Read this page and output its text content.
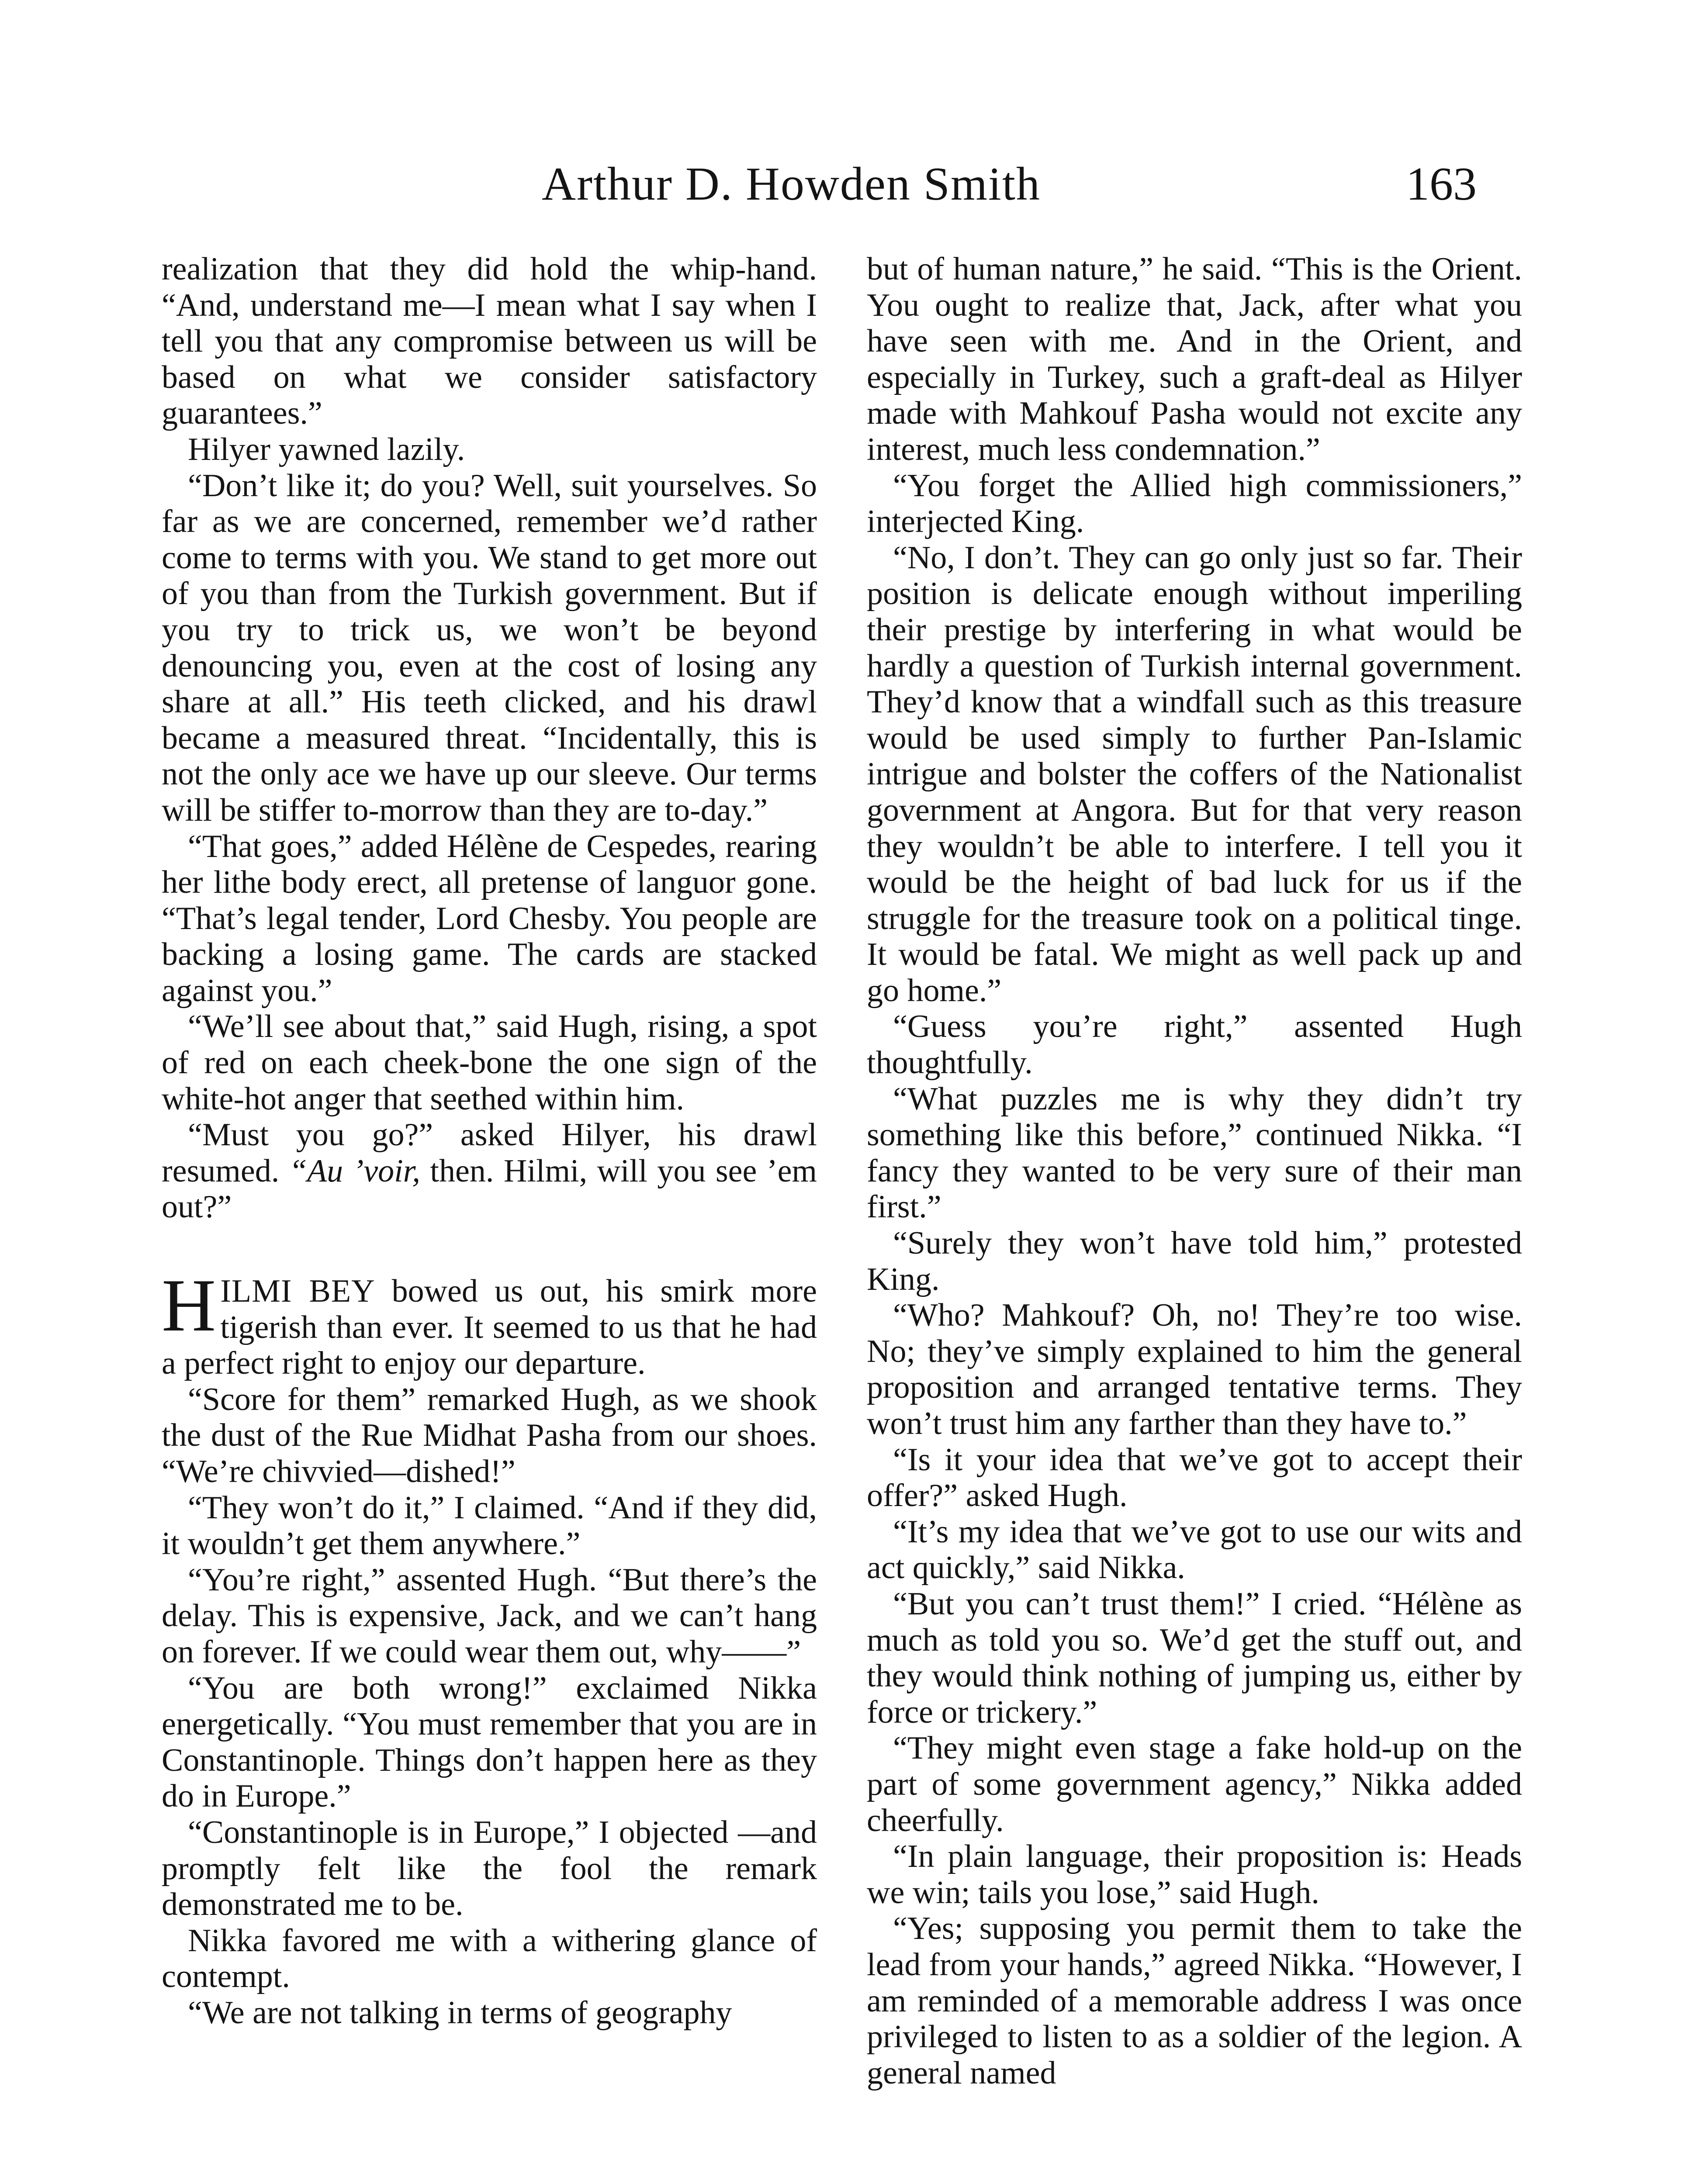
Arthur D. Howden Smith	163

realization that they did hold the whip-hand. “And, understand me—I mean what I say when I tell you that any compromise between us will be based on what we consider satisfactory guarantees.”

Hilyer yawned lazily.

“Don’t like it; do you? Well, suit yourselves. So far as we are concerned, remember we’d rather come to terms with you. We stand to get more out of you than from the Turkish government. But if you try to trick us, we won’t be beyond denouncing you, even at the cost of losing any share at all.” His teeth clicked, and his drawl became a measured threat. “Incidentally, this is not the only ace we have up our sleeve. Our terms will be stiffer to-morrow than they are to-day.”

“That goes,” added Hélène de Cespedes, rearing her lithe body erect, all pretense of languor gone. “That’s legal tender, Lord Chesby. You people are backing a losing game. The cards are stacked against you.”

“We’ll see about that,” said Hugh, rising, a spot of red on each cheek-bone the one sign of the white-hot anger that seethed within him.

“Must you go?” asked Hilyer, his drawl resumed. “Au ’voir, then. Hilmi, will you see ’em out?”

HILMI BEY bowed us out, his smirk more tigerish than ever. It seemed to us that he had a perfect right to enjoy our departure.

“Score for them” remarked Hugh, as we shook the dust of the Rue Midhat Pasha from our shoes. “We’re chivvied—dished!”

“They won’t do it,” I claimed. “And if they did, it wouldn’t get them anywhere.”

“You’re right,” assented Hugh. “But there’s the delay. This is expensive, Jack, and we can’t hang on forever. If we could wear them out, why——”

“You are both wrong!” exclaimed Nikka energetically. “You must remember that you are in Constantinople. Things don’t happen here as they do in Europe.”

“Constantinople is in Europe,” I objected —and promptly felt like the fool the remark demonstrated me to be.

Nikka favored me with a withering glance of contempt.

“We are not talking in terms of geography

but of human nature,” he said. “This is the Orient. You ought to realize that, Jack, after what you have seen with me. And in the Orient, and especially in Turkey, such a graft-deal as Hilyer made with Mahkouf Pasha would not excite any interest, much less condemnation.”

“You forget the Allied high commissioners,” interjected King.

“No, I don’t. They can go only just so far. Their position is delicate enough without imperiling their prestige by interfering in what would be hardly a question of Turkish internal government. They’d know that a windfall such as this treasure would be used simply to further Pan-Islamic intrigue and bolster the coffers of the Nationalist government at Angora. But for that very reason they wouldn’t be able to interfere. I tell you it would be the height of bad luck for us if the struggle for the treasure took on a political tinge. It would be fatal. We might as well pack up and go home.”

“Guess you’re right,” assented Hugh thoughtfully.

“What puzzles me is why they didn’t try something like this before,” continued Nikka. “I fancy they wanted to be very sure of their man first.”

“Surely they won’t have told him,” protested King.

“Who? Mahkouf? Oh, no! They’re too wise. No; they’ve simply explained to him the general proposition and arranged tentative terms. They won’t trust him any farther than they have to.”

“Is it your idea that we’ve got to accept their offer?” asked Hugh.

“It’s my idea that we’ve got to use our wits and act quickly,” said Nikka.

“But you can’t trust them!” I cried. “Hélène as much as told you so. We’d get the stuff out, and they would think nothing of jumping us, either by force or trickery.”

“They might even stage a fake hold-up on the part of some government agency,” Nikka added cheerfully.

“In plain language, their proposition is: Heads we win; tails you lose,” said Hugh.

“Yes; supposing you permit them to take the lead from your hands,” agreed Nikka. “However, I am reminded of a memorable address I was once privileged to listen to as a soldier of the legion. A general named
